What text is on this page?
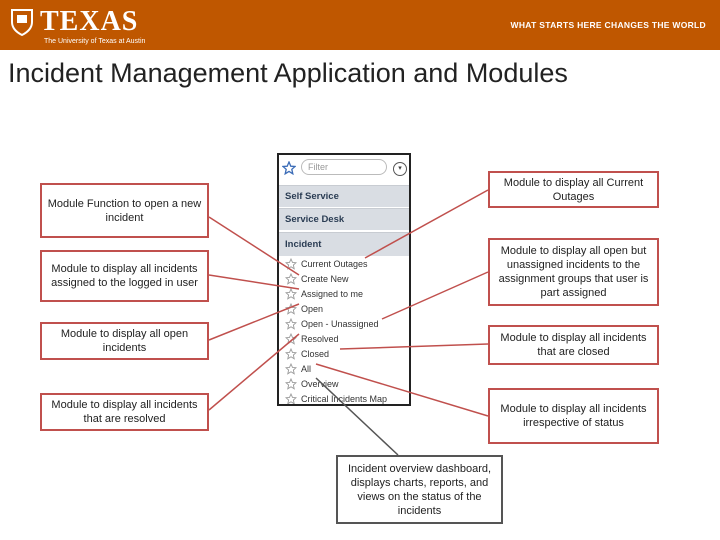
TEXAS
The University of Texas at Austin
WHAT STARTS HERE CHANGES THE WORLD
Incident Management Application and Modules
Filter	▾
Self Service
Service Desk
Incident
Current Outages
Create New
Assigned to me
Open
Open - Unassigned
Resolved
Closed
All
Overview
Critical Incidents Map
Module Function to open a new incident
Module to display all incidents assigned to the logged in user
Module to display all open incidents
Module to display all incidents that are resolved
Module to display all Current Outages
Module to display all open but unassigned incidents to the assignment groups that user is part assigned
Module to display all incidents that are closed
Module to display all incidents irrespective of status
Incident overview dashboard, displays charts, reports, and views on the status of the incidents
